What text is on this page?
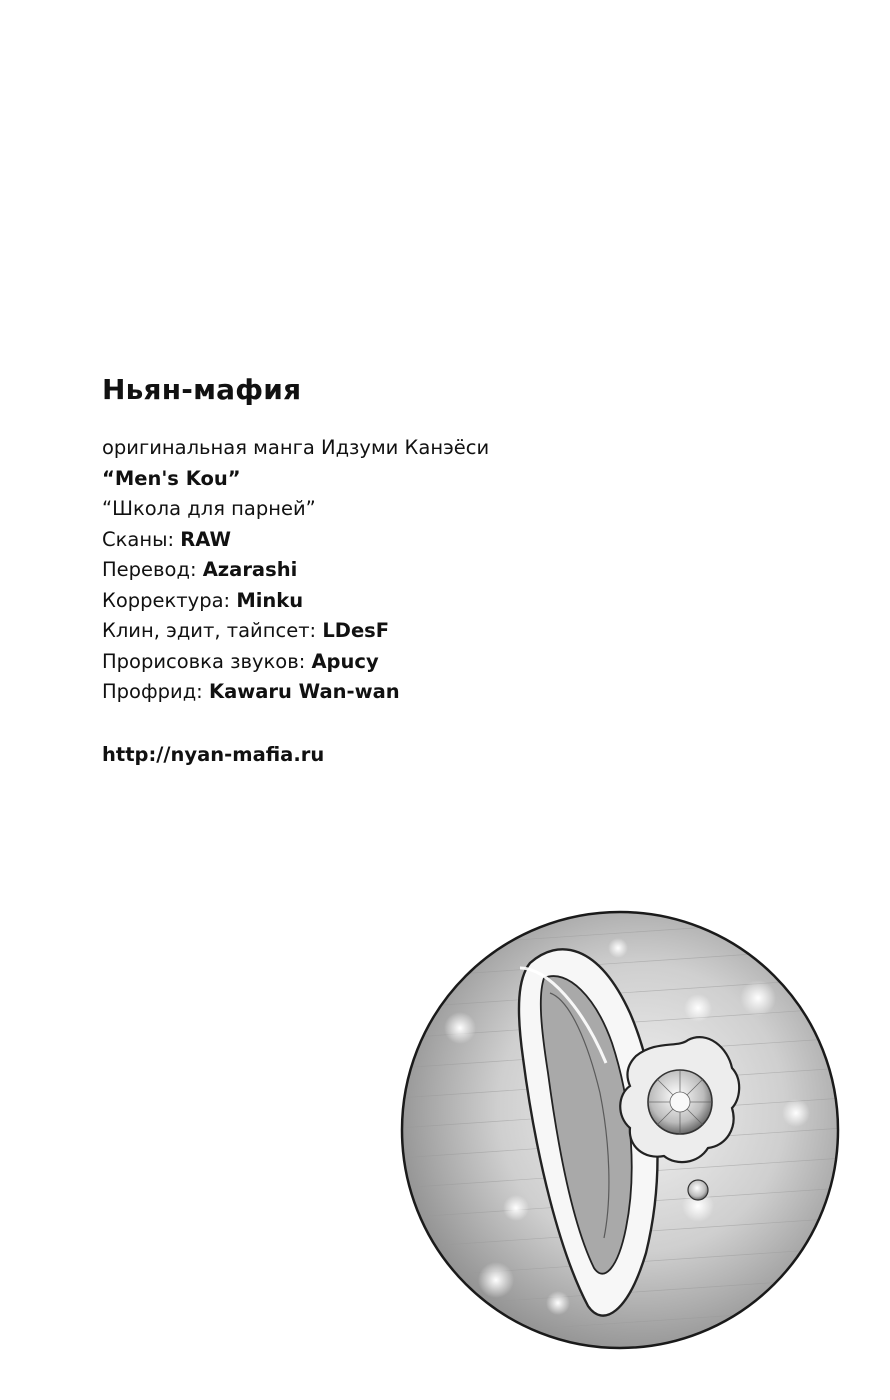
Ньян-мафия
оригинальная манга Идзуми Канэёси
“Men's Kou”
“Школа для парней”
Сканы: RAW
Перевод: Azarashi
Корректура: Minku
Клин, эдит, тайпсет: LDesF
Прорисовка звуков: Apucy
Профрид: Kawaru Wan-wan
http://nyan-mafia.ru
